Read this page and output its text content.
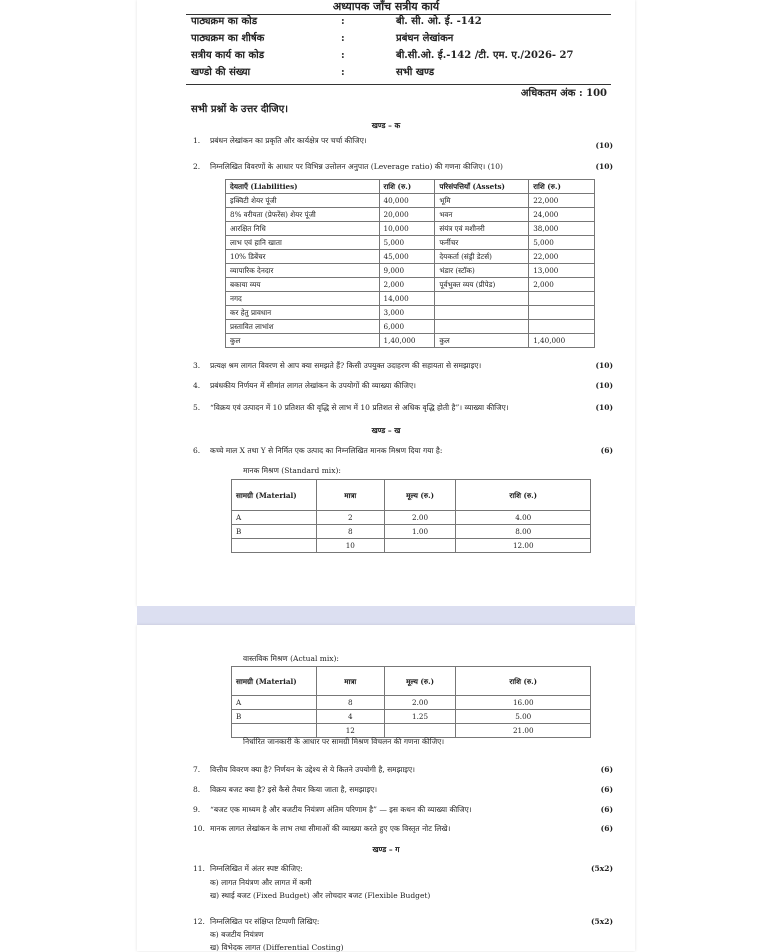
अध्यापक जाँच सत्रीय कार्य
पाठ्यक्रम का कोड	:	बी. सी. ओ. ई. -142
पाठ्यक्रम का शीर्षक	:	प्रबंधन लेखांकन
सत्रीय कार्य का कोड	:	बी.सी.ओ. ई.-142 /टी. एम. ए./2026- 27
खण्डो की संख्या	:	सभी खण्ड
अधिकतम अंक : 100
सभी प्रश्नों के उत्तर दीजिए।
खण्ड – क
1. प्रबंधन लेखांकन का प्रकृति और कार्यक्षेत्र पर चर्चा कीजिए।
(10)
2. निम्नलिखित विवरणों के आधार पर विभिन्न उत्तोलन अनुपात (Leverage ratio) की गणना कीजिए। (10)	(10)
देयताएँ (Liabilities)	राशि (रु.)	परिसंपत्तियाँ (Assets)	राशि (रु.)
इक्विटी शेयर पूंजी	40,000	भूमि	22,000
8% वरीयता (प्रेफरेंस) शेयर पूंजी	20,000	भवन	24,000
आरक्षित निधि	10,000	संयंत्र एवं मशीनरी	38,000
लाभ एवं हानि खाता	5,000	फर्नीचर	5,000
10% डिबेंचर	45,000	देयकर्ता (संड्री डेटर्स)	22,000
व्यापारिक देनदार	9,000	भंडार (स्टॉक)	13,000
बकाया व्यय	2,000	पूर्वभुक्त व्यय (प्रीपेड)	2,000
नगद	14,000		
कर हेतु प्रावधान	3,000		
प्रस्तावित लाभांश	6,000		
कुल	1,40,000	कुल	1,40,000
3. प्रत्यक्ष श्रम लागत विवरण से आप क्या समझते हैं? किसी उपयुक्त उदाहरण की सहायता से समझाइए।	(10)
4. प्रबंधकीय निर्णयन में सीमांत लागत लेखांकन के उपयोगों की व्याख्या कीजिए।	(10)
5. “विक्रय एवं उत्पादन में 10 प्रतिशत की वृद्धि से लाभ में 10 प्रतिशत से अधिक वृद्धि होती है”। व्याख्या कीजिए।	(10)
खण्ड – ख
6. कच्चे माल X तथा Y से निर्मित एक उत्पाद का निम्नलिखित मानक मिश्रण दिया गया है:	(6)
मानक मिश्रण (Standard mix):
सामग्री (Material)	मात्रा	मूल्य (रु.)	राशि (रु.)
A	2	2.00	4.00
B	8	1.00	8.00
	10		12.00
वास्तविक मिश्रण (Actual mix):
सामग्री (Material)	मात्रा	मूल्य (रु.)	राशि (रु.)
A	8	2.00	16.00
B	4	1.25	5.00
	12		21.00
निर्धारित जानकारी के आधार पर सामग्री मिश्रण विचलन की गणना कीजिए।
7. वित्तीय विवरण क्या है? निर्णयन के उद्देश्य से ये कितने उपयोगी है, समझाइए।	(6)
8. विक्रय बजट क्या है? इसे कैसे तैयार किया जाता है, समझाइए।	(6)
9. “बजट एक माध्यम है और बजटीय नियंत्रण अंतिम परिणाम है” — इस कथन की व्याख्या कीजिए।	(6)
10. मानक लागत लेखांकन के लाभ तथा सीमाओं की व्याख्या करते हुए एक विस्तृत नोट लिखे।	(6)
खण्ड – ग
11. निम्नलिखित में अंतर स्पष्ट कीजिए:	(5x2)
क) लागत नियंत्रण और लागत में कमी
ख) स्थाई बजट (Fixed Budget) और लोचदार बजट (Flexible Budget)
12. निम्नलिखित पर संक्षिप्त टिप्पणी लिखिए:	(5x2)
क) बजटीय नियंत्रण
ख) विभेदक लागत (Differential Costing)
